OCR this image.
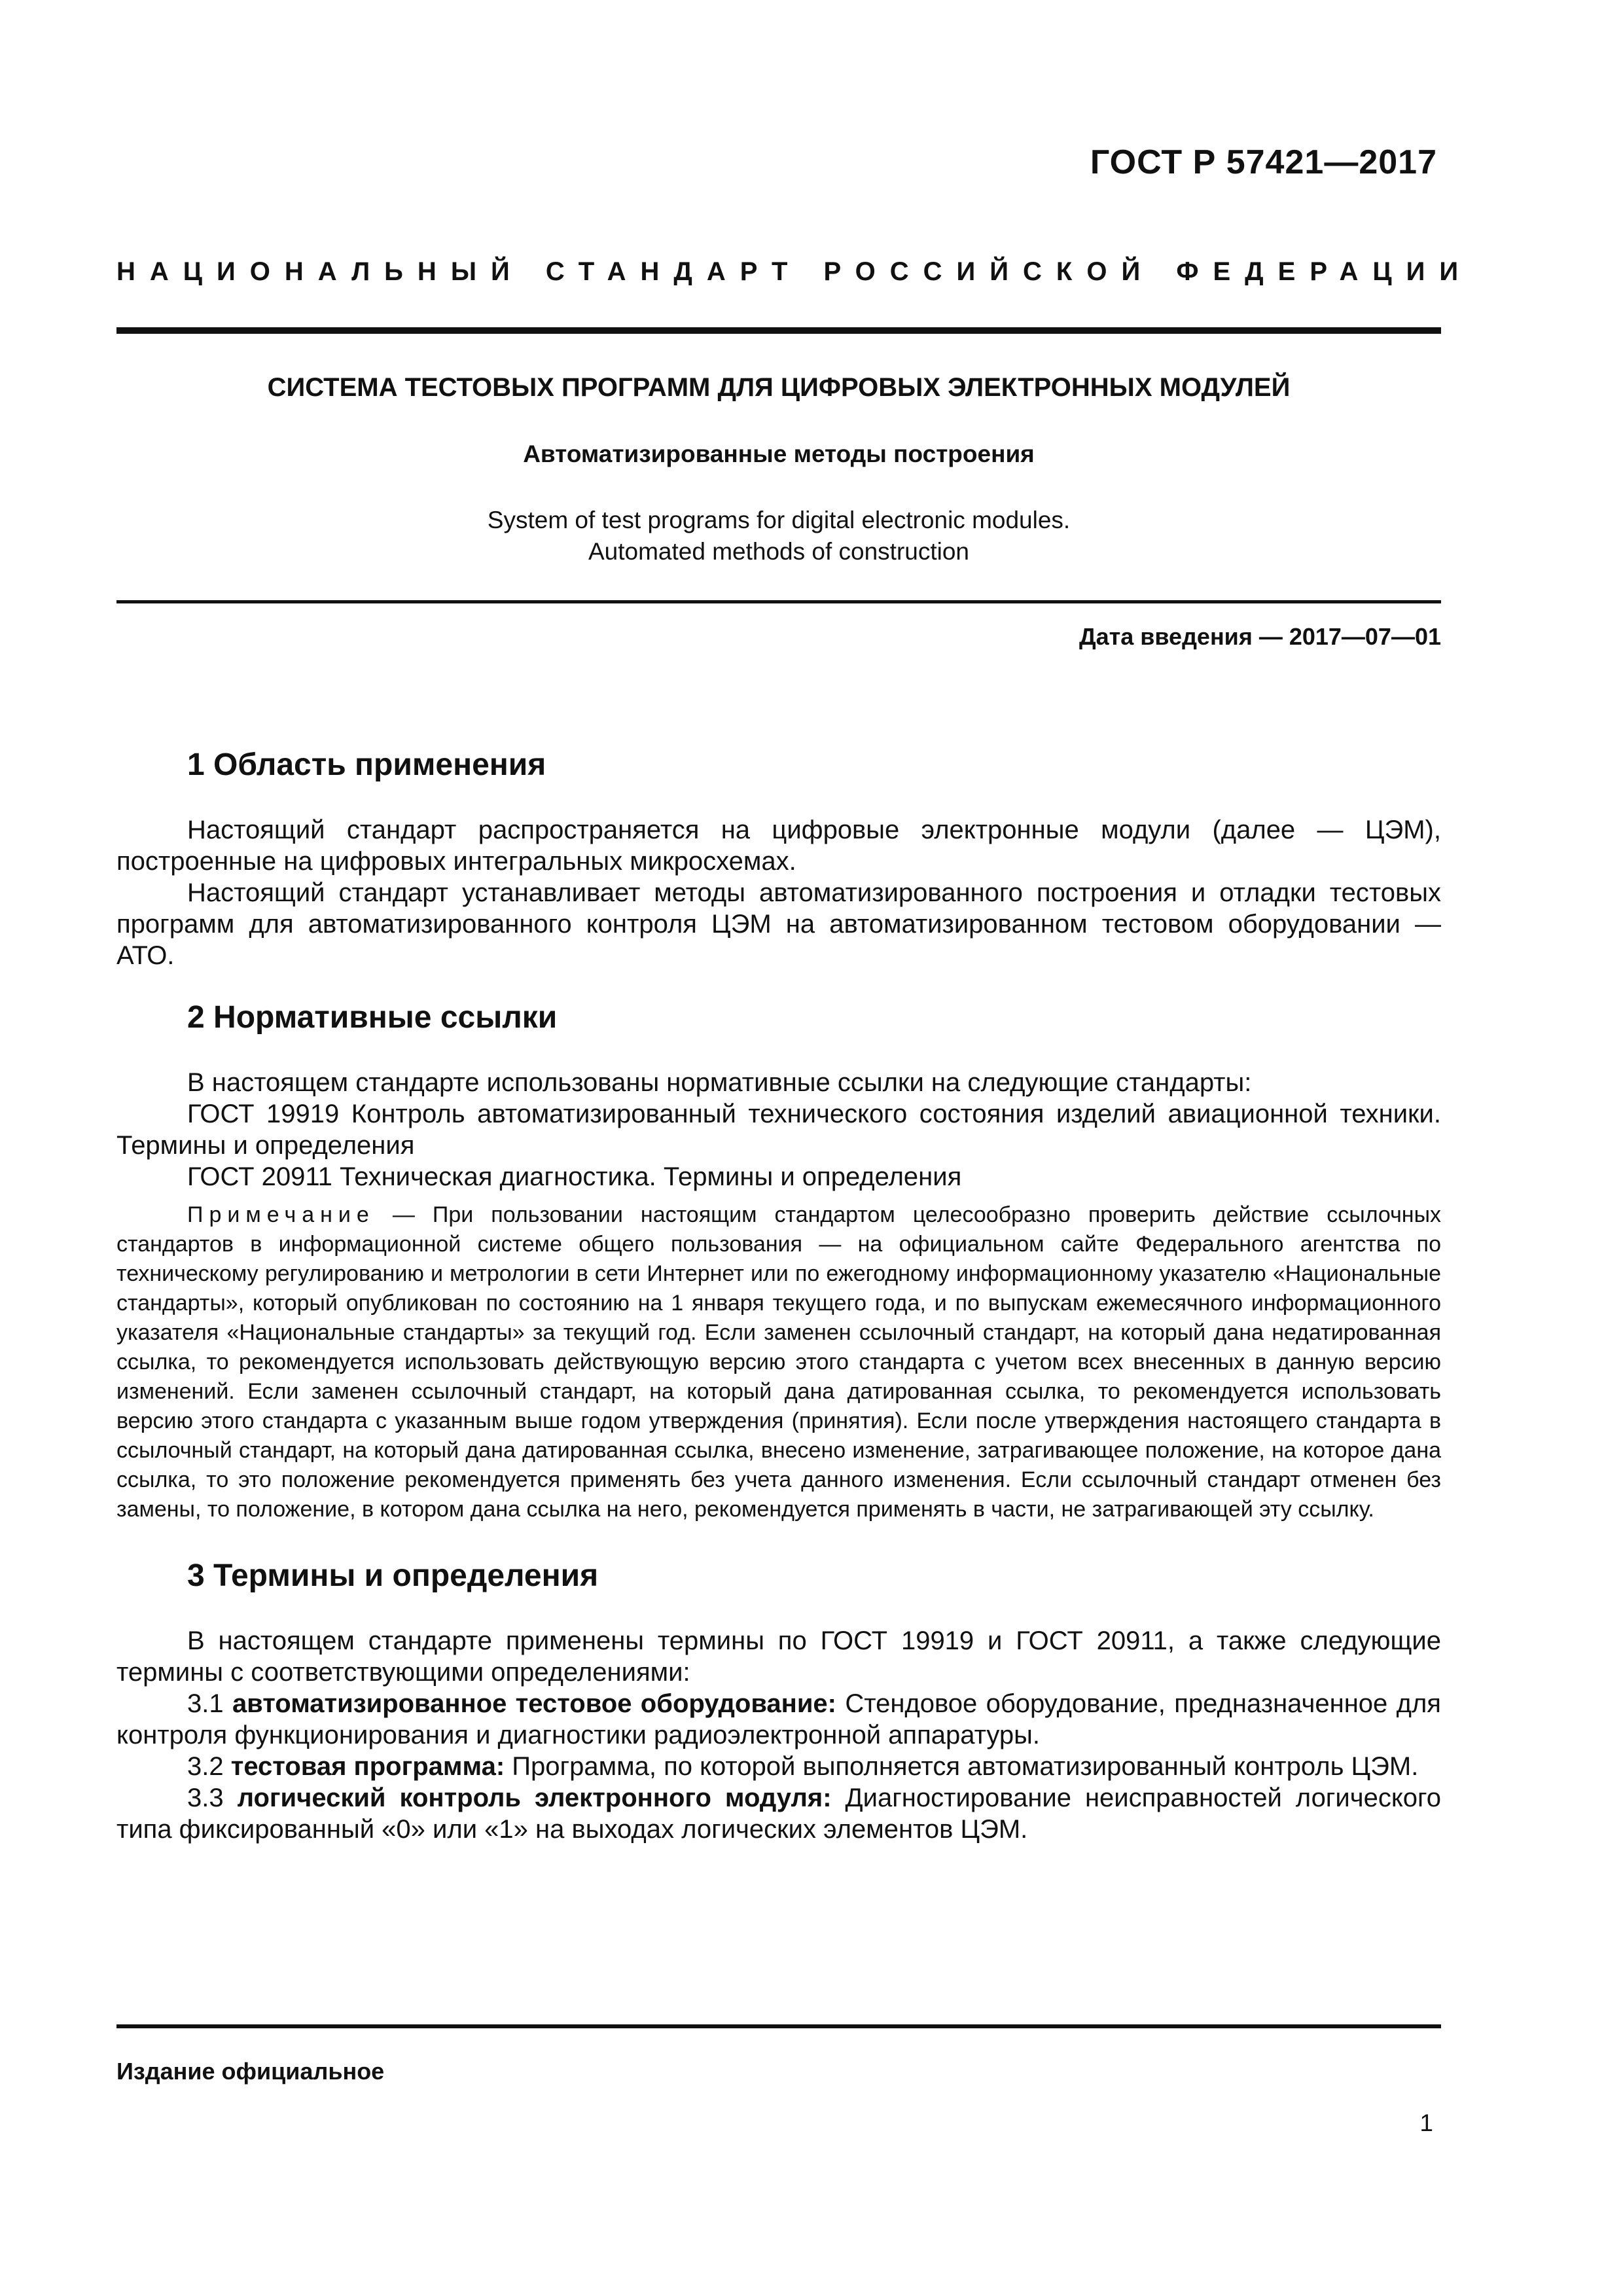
ГОСТ Р 57421—2017
НАЦИОНАЛЬНЫЙ СТАНДАРТ РОССИЙСКОЙ ФЕДЕРАЦИИ
СИСТЕМА ТЕСТОВЫХ ПРОГРАММ ДЛЯ ЦИФРОВЫХ ЭЛЕКТРОННЫХ МОДУЛЕЙ
Автоматизированные методы построения
System of test programs for digital electronic modules.
Automated methods of construction
Дата введения — 2017—07—01
1 Область применения

Настоящий стандарт распространяется на цифровые электронные модули (далее — ЦЭМ), построенные на цифровых интегральных микросхемах.

Настоящий стандарт устанавливает методы автоматизированного построения и отладки тестовых программ для автоматизированного контроля ЦЭМ на автоматизированном тестовом оборудовании — АТО.

2 Нормативные ссылки

В настоящем стандарте использованы нормативные ссылки на следующие стандарты:

ГОСТ 19919 Контроль автоматизированный технического состояния изделий авиационной техники. Термины и определения

ГОСТ 20911 Техническая диагностика. Термины и определения

Примечание — При пользовании настоящим стандартом целесообразно проверить действие ссылочных стандартов в информационной системе общего пользования — на официальном сайте Федерального агентства по техническому регулированию и метрологии в сети Интернет или по ежегодному информационному указателю «Национальные стандарты», который опубликован по состоянию на 1 января текущего года, и по выпускам ежемесячного информационного указателя «Национальные стандарты» за текущий год. Если заменен ссылочный стандарт, на который дана недатированная ссылка, то рекомендуется использовать действующую версию этого стандарта с учетом всех внесенных в данную версию изменений. Если заменен ссылочный стандарт, на который дана датированная ссылка, то рекомендуется использовать версию этого стандарта с указанным выше годом утверждения (принятия). Если после утверждения настоящего стандарта в ссылочный стандарт, на который дана датированная ссылка, внесено изменение, затрагивающее положение, на которое дана ссылка, то это положение рекомендуется применять без учета данного изменения. Если ссылочный стандарт отменен без замены, то положение, в котором дана ссылка на него, рекомендуется применять в части, не затрагивающей эту ссылку.
3 Термины и определения

В настоящем стандарте применены термины по ГОСТ 19919 и ГОСТ 20911, а также следующие термины с соответствующими определениями:

3.1 автоматизированное тестовое оборудование: Стендовое оборудование, предназначенное для контроля функционирования и диагностики радиоэлектронной аппаратуры.

3.2 тестовая программа: Программа, по которой выполняется автоматизированный контроль ЦЭМ.

3.3 логический контроль электронного модуля: Диагностирование неисправностей логического типа фиксированный «0» или «1» на выходах логических элементов ЦЭМ.

Издание официальное
1
